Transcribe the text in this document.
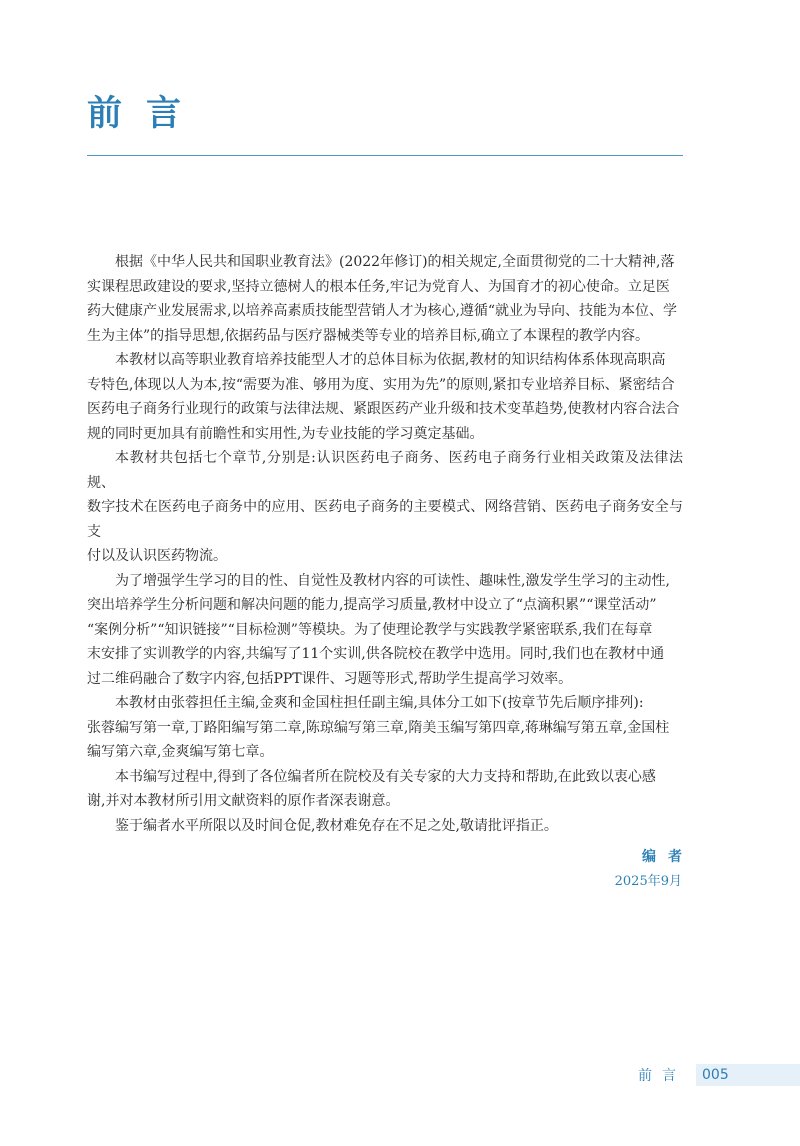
前言

根据《中华人民共和国职业教育法》(2022年修订)的相关规定,全面贯彻党的二十大精神,落
实课程思政建设的要求,坚持立德树人的根本任务,牢记为党育人、为国育才的初心使命。立足医
药大健康产业发展需求,以培养高素质技能型营销人才为核心,遵循“就业为导向、技能为本位、学
生为主体”的指导思想,依据药品与医疗器械类等专业的培养目标,确立了本课程的教学内容。

本教材以高等职业教育培养技能型人才的总体目标为依据,教材的知识结构体系体现高职高
专特色,体现以人为本,按“需要为准、够用为度、实用为先”的原则,紧扣专业培养目标、紧密结合
医药电子商务行业现行的政策与法律法规、紧跟医药产业升级和技术变革趋势,使教材内容合法合
规的同时更加具有前瞻性和实用性,为专业技能的学习奠定基础。

本教材共包括七个章节,分别是:认识医药电子商务、医药电子商务行业相关政策及法律法规、
数字技术在医药电子商务中的应用、医药电子商务的主要模式、网络营销、医药电子商务安全与支
付以及认识医药物流。

为了增强学生学习的目的性、自觉性及教材内容的可读性、趣味性,激发学生学习的主动性,
突出培养学生分析问题和解决问题的能力,提高学习质量,教材中设立了“点滴积累”“课堂活动”
“案例分析”“知识链接”“目标检测”等模块。为了使理论教学与实践教学紧密联系,我们在每章
末安排了实训教学的内容,共编写了11个实训,供各院校在教学中选用。同时,我们也在教材中通
过二维码融合了数字内容,包括PPT课件、习题等形式,帮助学生提高学习效率。

本教材由张蓉担任主编,金爽和金国柱担任副主编,具体分工如下(按章节先后顺序排列):
张蓉编写第一章,丁路阳编写第二章,陈琼编写第三章,隋美玉编写第四章,蒋琳编写第五章,金国柱
编写第六章,金爽编写第七章。

本书编写过程中,得到了各位编者所在院校及有关专家的大力支持和帮助,在此致以衷心感
谢,并对本教材所引用文献资料的原作者深表谢意。

鉴于编者水平所限以及时间仓促,教材难免存在不足之处,敬请批评指正。

编者
2025年9月
前言	005
